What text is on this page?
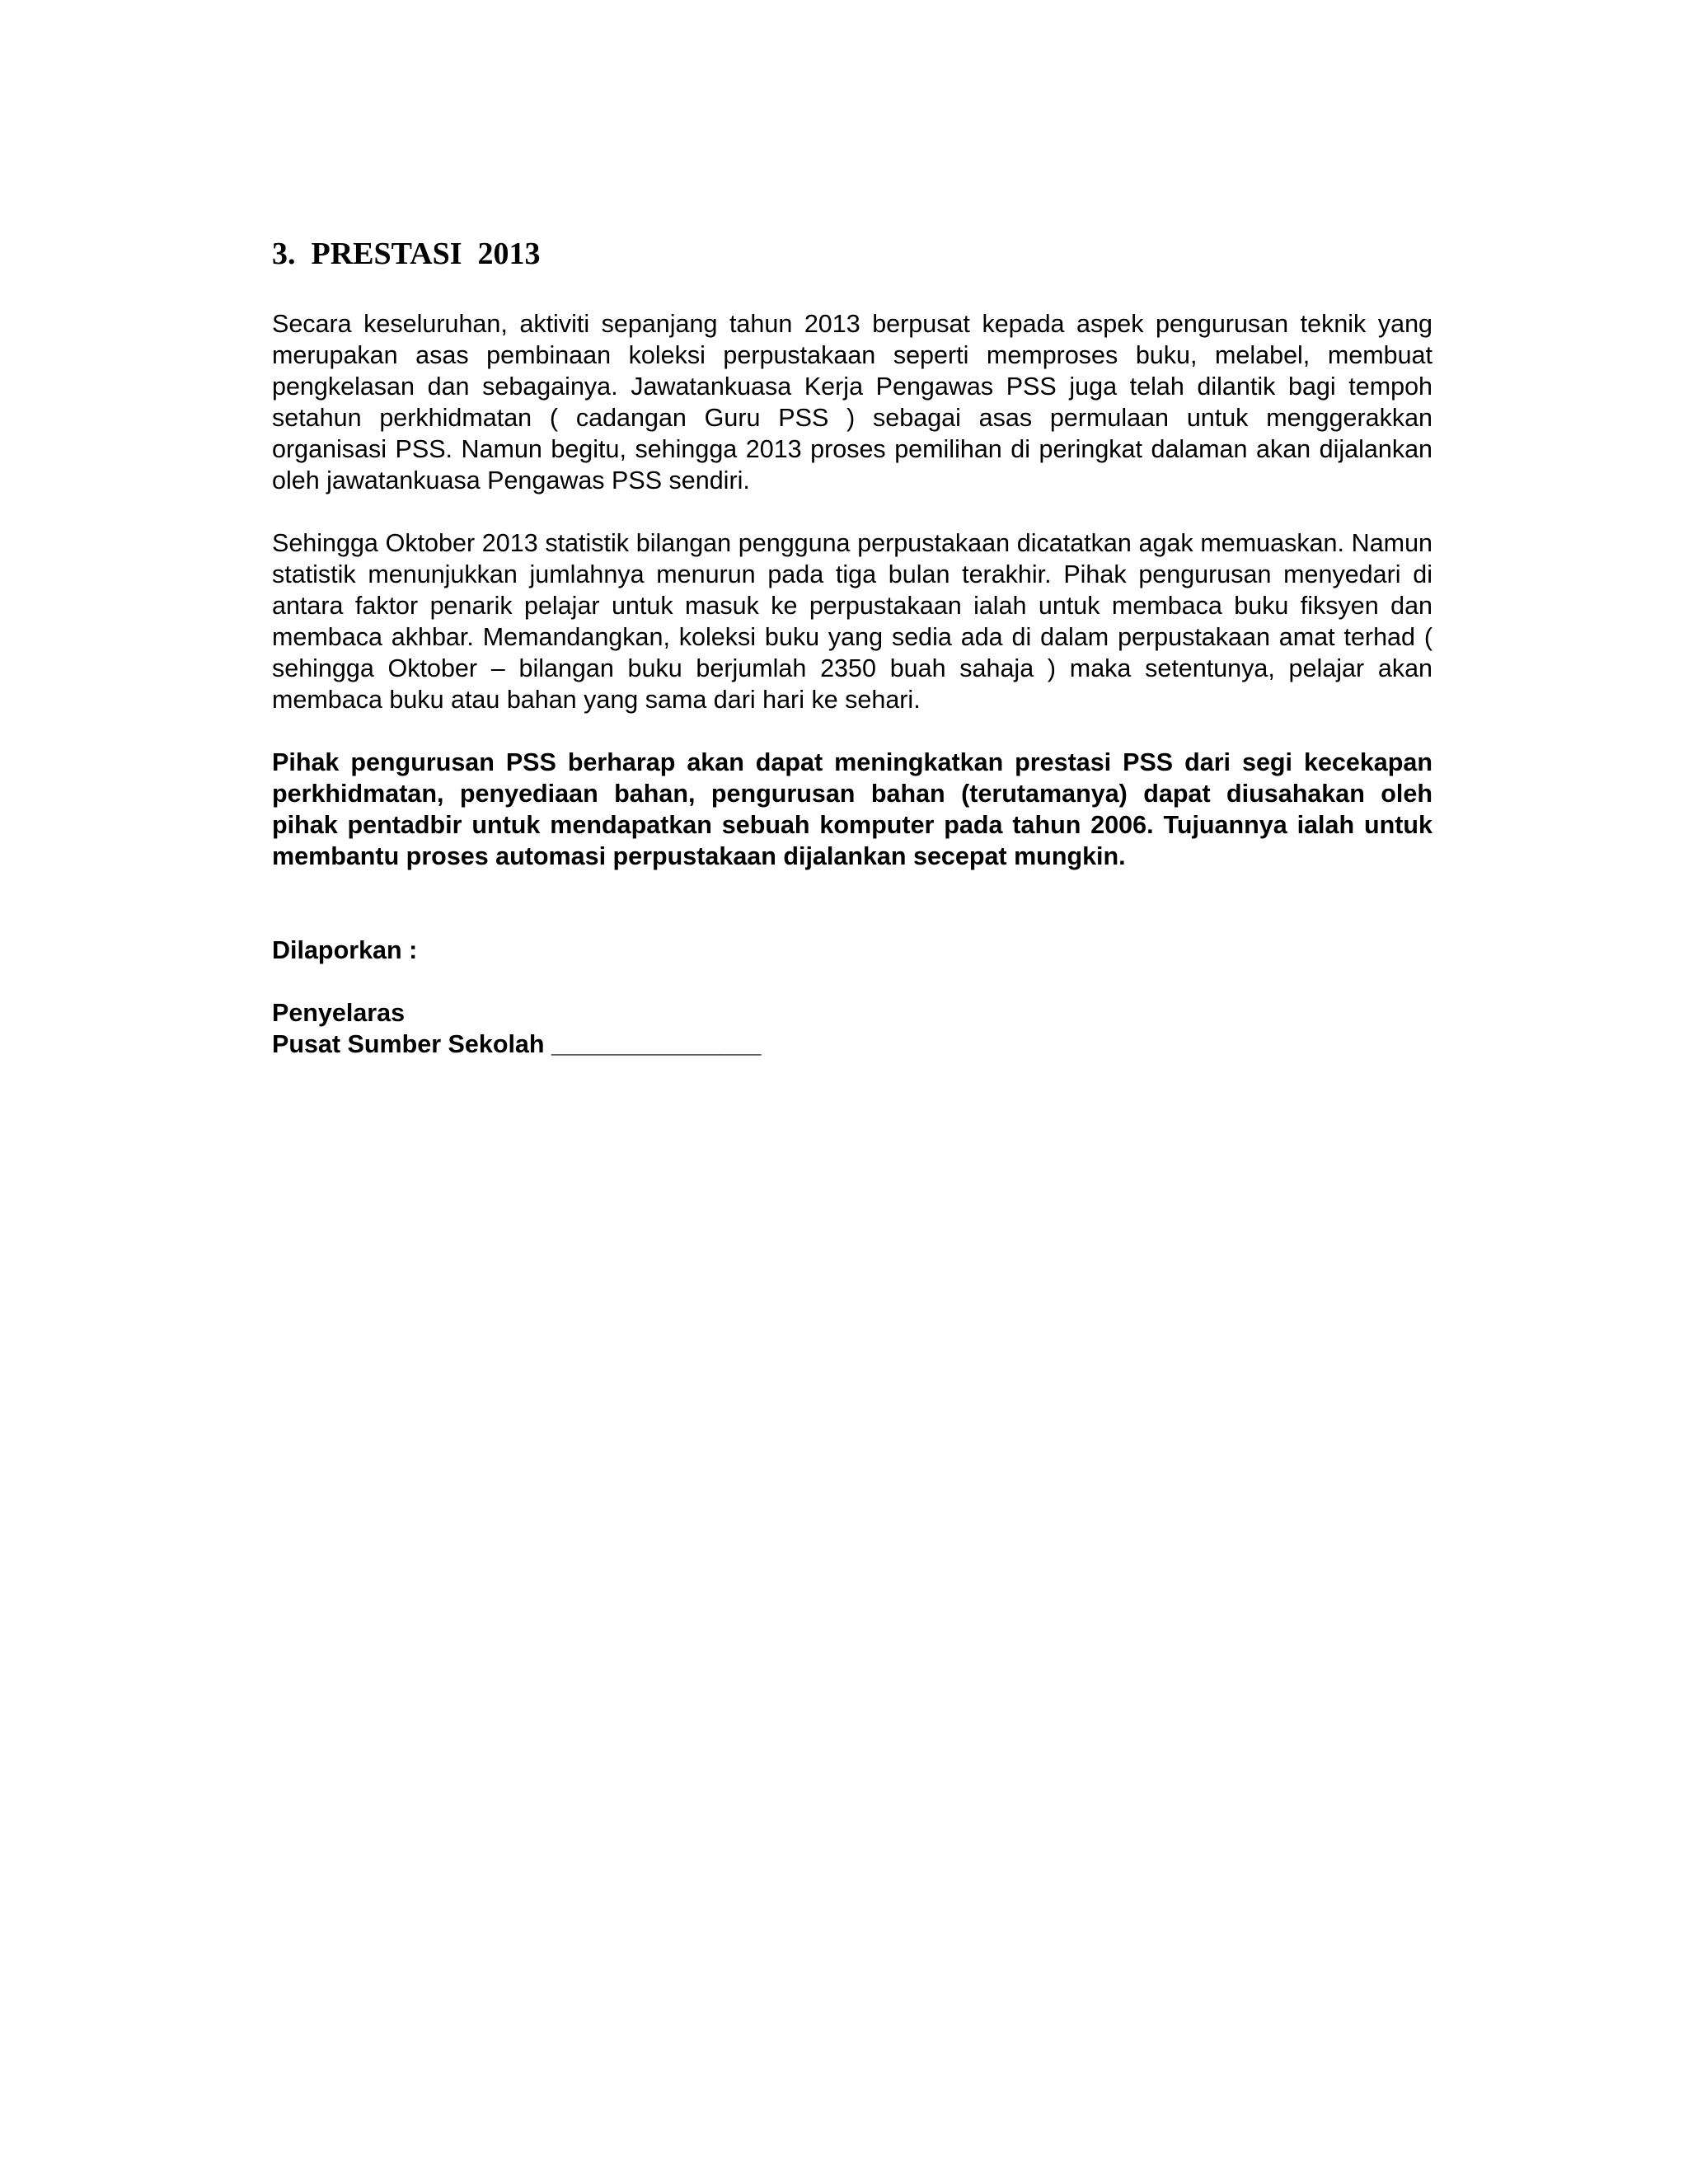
3.  PRESTASI  2013

Secara keseluruhan, aktiviti sepanjang tahun 2013 berpusat kepada aspek pengurusan teknik yang merupakan asas pembinaan koleksi perpustakaan seperti memproses buku, melabel, membuat pengkelasan dan sebagainya. Jawatankuasa Kerja Pengawas PSS juga telah dilantik bagi tempoh setahun perkhidmatan ( cadangan Guru PSS ) sebagai asas permulaan untuk menggerakkan organisasi PSS. Namun begitu, sehingga 2013 proses pemilihan di peringkat dalaman akan dijalankan oleh jawatankuasa Pengawas PSS sendiri.

Sehingga Oktober 2013 statistik bilangan pengguna perpustakaan dicatatkan agak memuaskan. Namun statistik menunjukkan jumlahnya menurun pada tiga bulan terakhir. Pihak pengurusan menyedari di antara faktor penarik pelajar untuk masuk ke perpustakaan ialah untuk membaca buku fiksyen dan membaca akhbar. Memandangkan, koleksi buku yang sedia ada di dalam perpustakaan amat terhad ( sehingga Oktober – bilangan buku berjumlah 2350 buah sahaja ) maka setentunya, pelajar akan membaca buku atau bahan yang sama dari hari ke sehari.

Pihak pengurusan PSS berharap akan dapat meningkatkan prestasi PSS dari segi kecekapan perkhidmatan, penyediaan bahan, pengurusan bahan (terutamanya) dapat diusahakan oleh pihak pentadbir untuk mendapatkan sebuah komputer pada tahun 2006. Tujuannya ialah untuk membantu proses automasi perpustakaan dijalankan secepat mungkin.

Dilaporkan :

Penyelaras
Pusat Sumber Sekolah _______________
